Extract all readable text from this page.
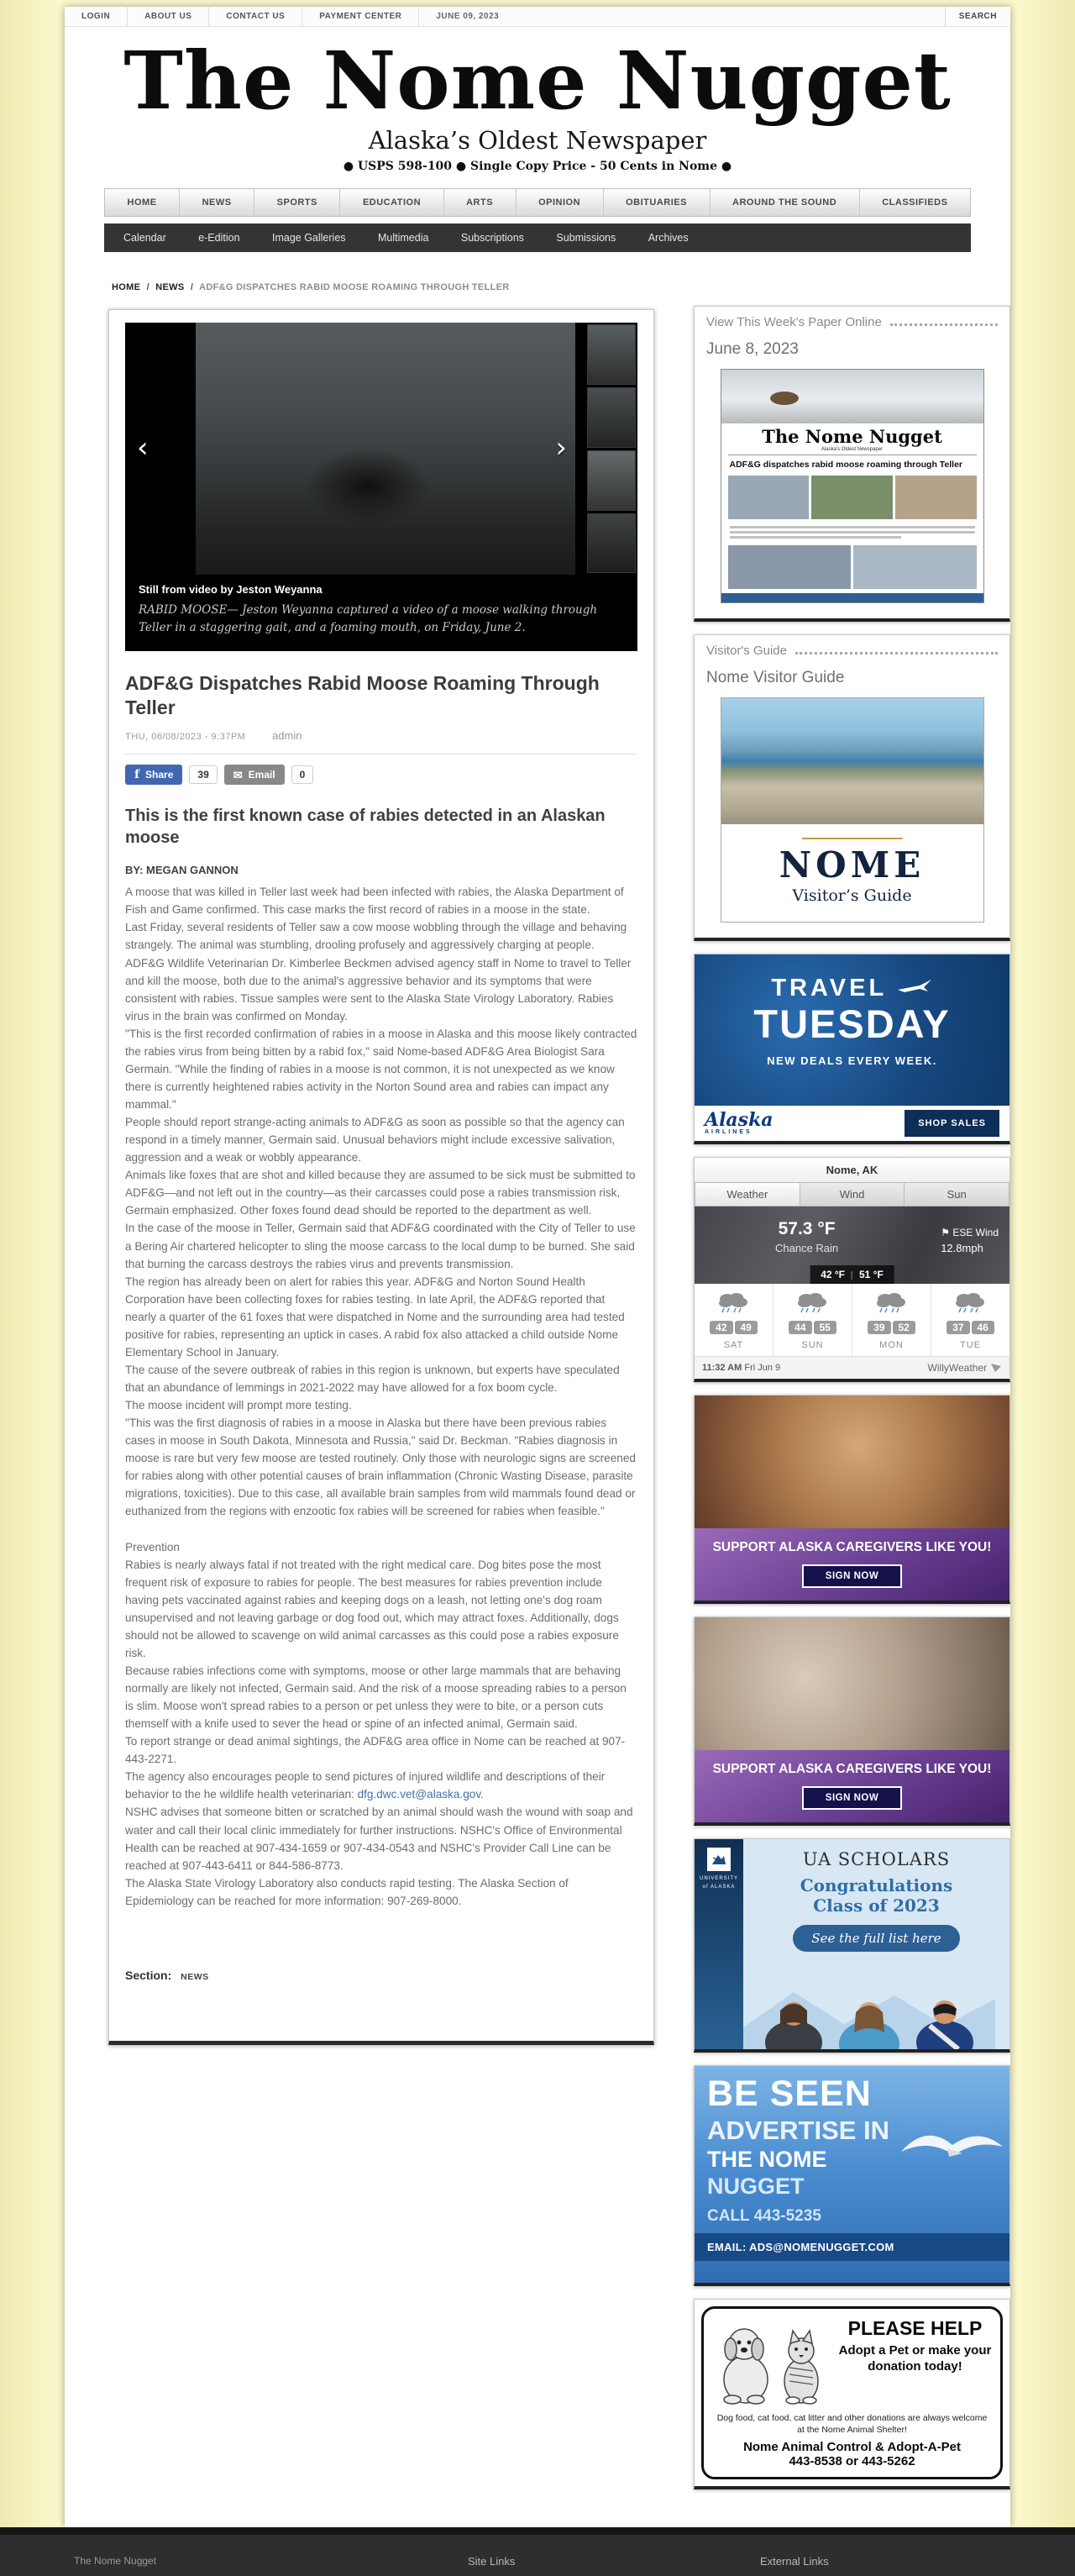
LOGIN	ABOUT US	CONTACT US	PAYMENT CENTER	JUNE 09, 2023	SEARCH
The Nome Nugget
Alaska’s Oldest Newspaper
● USPS 598-100 ● Single Copy Price - 50 Cents in Nome ●
HOME	NEWS	SPORTS	EDUCATION	ARTS	OPINION	OBITUARIES	AROUND THE SOUND	CLASSIFIEDS
Calendar	e-Edition	Image Galleries	Multimedia	Subscriptions	Submissions	Archives
HOME / NEWS / ADF&G DISPATCHES RABID MOOSE ROAMING THROUGH TELLER
‹	›
Still from video by Jeston Weyanna
RABID MOOSE— Jeston Weyanna captured a video of a moose walking through Teller in a staggering gait, and a foaming mouth, on Friday, June 2.
ADF&G Dispatches Rabid Moose Roaming Through Teller
THU, 06/08/2023 - 9:37PM admin
f Share	39	✉ Email	0
This is the first known case of rabies detected in an Alaskan moose
BY: MEGAN GANNON

A moose that was killed in Teller last week had been infected with rabies, the Alaska Department of Fish and Game confirmed. This case marks the first record of rabies in a moose in the state.

Last Friday, several residents of Teller saw a cow moose wobbling through the village and behaving strangely. The animal was stumbling, drooling profusely and aggressively charging at people.

ADF&G Wildlife Veterinarian Dr. Kimberlee Beckmen advised agency staff in Nome to travel to Teller and kill the moose, both due to the animal's aggressive behavior and its symptoms that were consistent with rabies. Tissue samples were sent to the Alaska State Virology Laboratory. Rabies virus in the brain was confirmed on Monday.

"This is the first recorded confirmation of rabies in a moose in Alaska and this moose likely contracted the rabies virus from being bitten by a rabid fox," said Nome-based ADF&G Area Biologist Sara Germain. "While the finding of rabies in a moose is not common, it is not unexpected as we know there is currently heightened rabies activity in the Norton Sound area and rabies can impact any mammal."

People should report strange-acting animals to ADF&G as soon as possible so that the agency can respond in a timely manner, Germain said. Unusual behaviors might include excessive salivation, aggression and a weak or wobbly appearance.

Animals like foxes that are shot and killed because they are assumed to be sick must be submitted to ADF&G—and not left out in the country—as their carcasses could pose a rabies transmission risk, Germain emphasized. Other foxes found dead should be reported to the department as well.

In the case of the moose in Teller, Germain said that ADF&G coordinated with the City of Teller to use a Bering Air chartered helicopter to sling the moose carcass to the local dump to be burned. She said that burning the carcass destroys the rabies virus and prevents transmission.

The region has already been on alert for rabies this year. ADF&G and Norton Sound Health Corporation have been collecting foxes for rabies testing. In late April, the ADF&G reported that nearly a quarter of the 61 foxes that were dispatched in Nome and the surrounding area had tested positive for rabies, representing an uptick in cases. A rabid fox also attacked a child outside Nome Elementary School in January.

The cause of the severe outbreak of rabies in this region is unknown, but experts have speculated that an abundance of lemmings in 2021-2022 may have allowed for a fox boom cycle.

The moose incident will prompt more testing.

"This was the first diagnosis of rabies in a moose in Alaska but there have been previous rabies cases in moose in South Dakota, Minnesota and Russia," said Dr. Beckman. "Rabies diagnosis in moose is rare but very few moose are tested routinely. Only those with neurologic signs are screened for rabies along with other potential causes of brain inflammation (Chronic Wasting Disease, parasite migrations, toxicities). Due to this case, all available brain samples from wild mammals found dead or euthanized from the regions with enzootic fox rabies will be screened for rabies when feasible."

Prevention

Rabies is nearly always fatal if not treated with the right medical care. Dog bites pose the most frequent risk of exposure to rabies for people. The best measures for rabies prevention include having pets vaccinated against rabies and keeping dogs on a leash, not letting one's dog roam unsupervised and not leaving garbage or dog food out, which may attract foxes. Additionally, dogs should not be allowed to scavenge on wild animal carcasses as this could pose a rabies exposure risk.

Because rabies infections come with symptoms, moose or other large mammals that are behaving normally are likely not infected, Germain said. And the risk of a moose spreading rabies to a person is slim. Moose won't spread rabies to a person or pet unless they were to bite, or a person cuts themself with a knife used to sever the head or spine of an infected animal, Germain said.

To report strange or dead animal sightings, the ADF&G area office in Nome can be reached at 907-443-2271.

The agency also encourages people to send pictures of injured wildlife and descriptions of their behavior to the he wildlife health veterinarian: dfg.dwc.vet@alaska.gov.

NSHC advises that someone bitten or scratched by an animal should wash the wound with soap and water and call their local clinic immediately for further instructions. NSHC's Office of Environmental Health can be reached at 907-434-1659 or 907-434-0543 and NSHC's Provider Call Line can be reached at 907-443-6411 or 844-586-8773.

The Alaska State Virology Laboratory also conducts rapid testing. The Alaska Section of Epidemiology can be reached for more information: 907-269-8000.

Section: NEWS
View This Week's Paper Online
June 8, 2023
The Nome Nugget
Alaska's Oldest Newspaper
ADF&G dispatches rabid moose roaming through Teller
Visitor's Guide
Nome Visitor Guide
NOME
Visitor’s Guide
TRAVEL
TUESDAY
NEW DEALS EVERY WEEK.
Alaska
AIRLINES
SHOP SALES
Nome, AK
Weather	Wind	Sun
57.3 °F
Chance Rain
⚑ ESE Wind
12.8mph
42 °F 51 °F
42 49
SAT
44 55
SUN
39 52
MON
37 46
TUE
11:32 AM Fri Jun 9	WillyWeather
SUPPORT ALASKA CAREGIVERS LIKE YOU!
SIGN NOW
SUPPORT ALASKA CAREGIVERS LIKE YOU!
SIGN NOW
UNIVERSITY
of ALASKA
UA SCHOLARS
Congratulations
Class of 2023
See the full list here
BE SEEN
ADVERTISE IN
THE NOME
NUGGET
CALL 443-5235
EMAIL: ADS@NOMENUGGET.COM
PLEASE HELP
Adopt a Pet or make your donation today!
Dog food, cat food, cat litter and other donations are always welcome at the Nome Animal Shelter!
Nome Animal Control & Adopt-A-Pet
443-8538 or 443-5262
The Nome Nugget	Site Links	External Links
